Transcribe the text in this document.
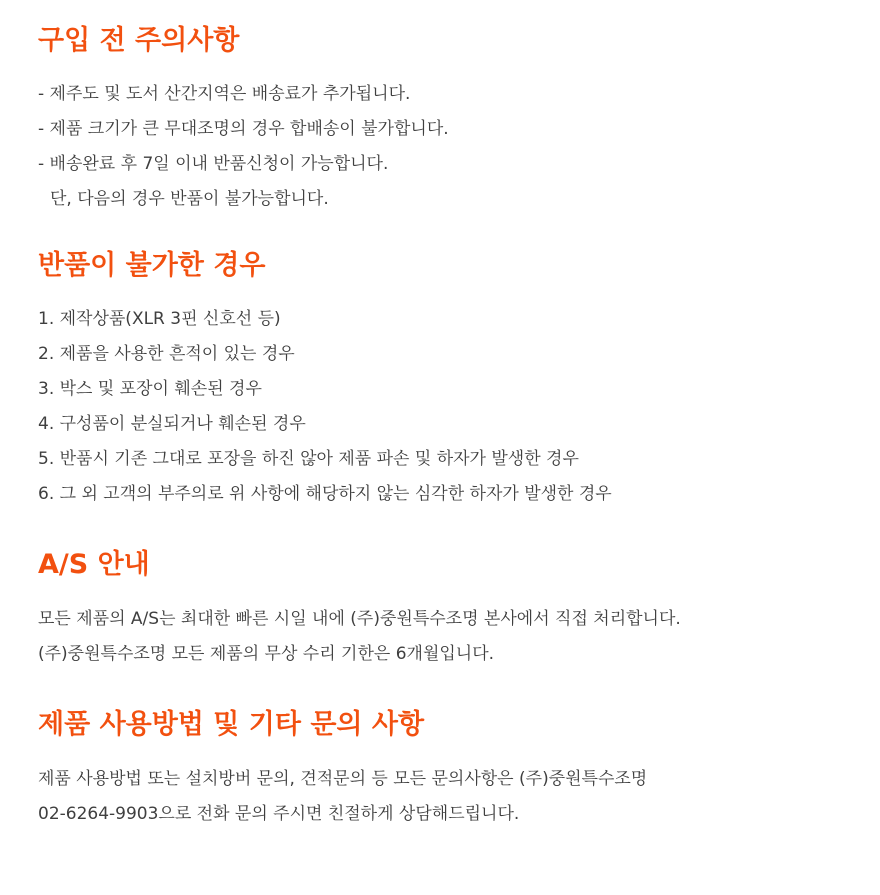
구입 전 주의사항
- 제주도 및 도서 산간지역은 배송료가 추가됩니다.
- 제품 크기가 큰 무대조명의 경우 합배송이 불가합니다.
- 배송완료 후 7일 이내 반품신청이 가능합니다.
단, 다음의 경우 반품이 불가능합니다.
반품이 불가한 경우
1. 제작상품(XLR 3핀 신호선 등)
2. 제품을 사용한 흔적이 있는 경우
3. 박스 및 포장이 훼손된 경우
4. 구성품이 분실되거나 훼손된 경우
5. 반품시 기존 그대로 포장을 하진 않아 제품 파손 및 하자가 발생한 경우
6. 그 외 고객의 부주의로 위 사항에 해당하지 않는 심각한 하자가 발생한 경우
A/S 안내
모든 제품의 A/S는 최대한 빠른 시일 내에 (주)중원특수조명 본사에서 직접 처리합니다.
(주)중원특수조명 모든 제품의 무상 수리 기한은 6개월입니다.
제품 사용방법 및 기타 문의 사항
제품 사용방법 또는 설치방버 문의, 견적문의 등 모든 문의사항은 (주)중원특수조명
02-6264-9903으로 전화 문의 주시면 친절하게 상담해드립니다.
